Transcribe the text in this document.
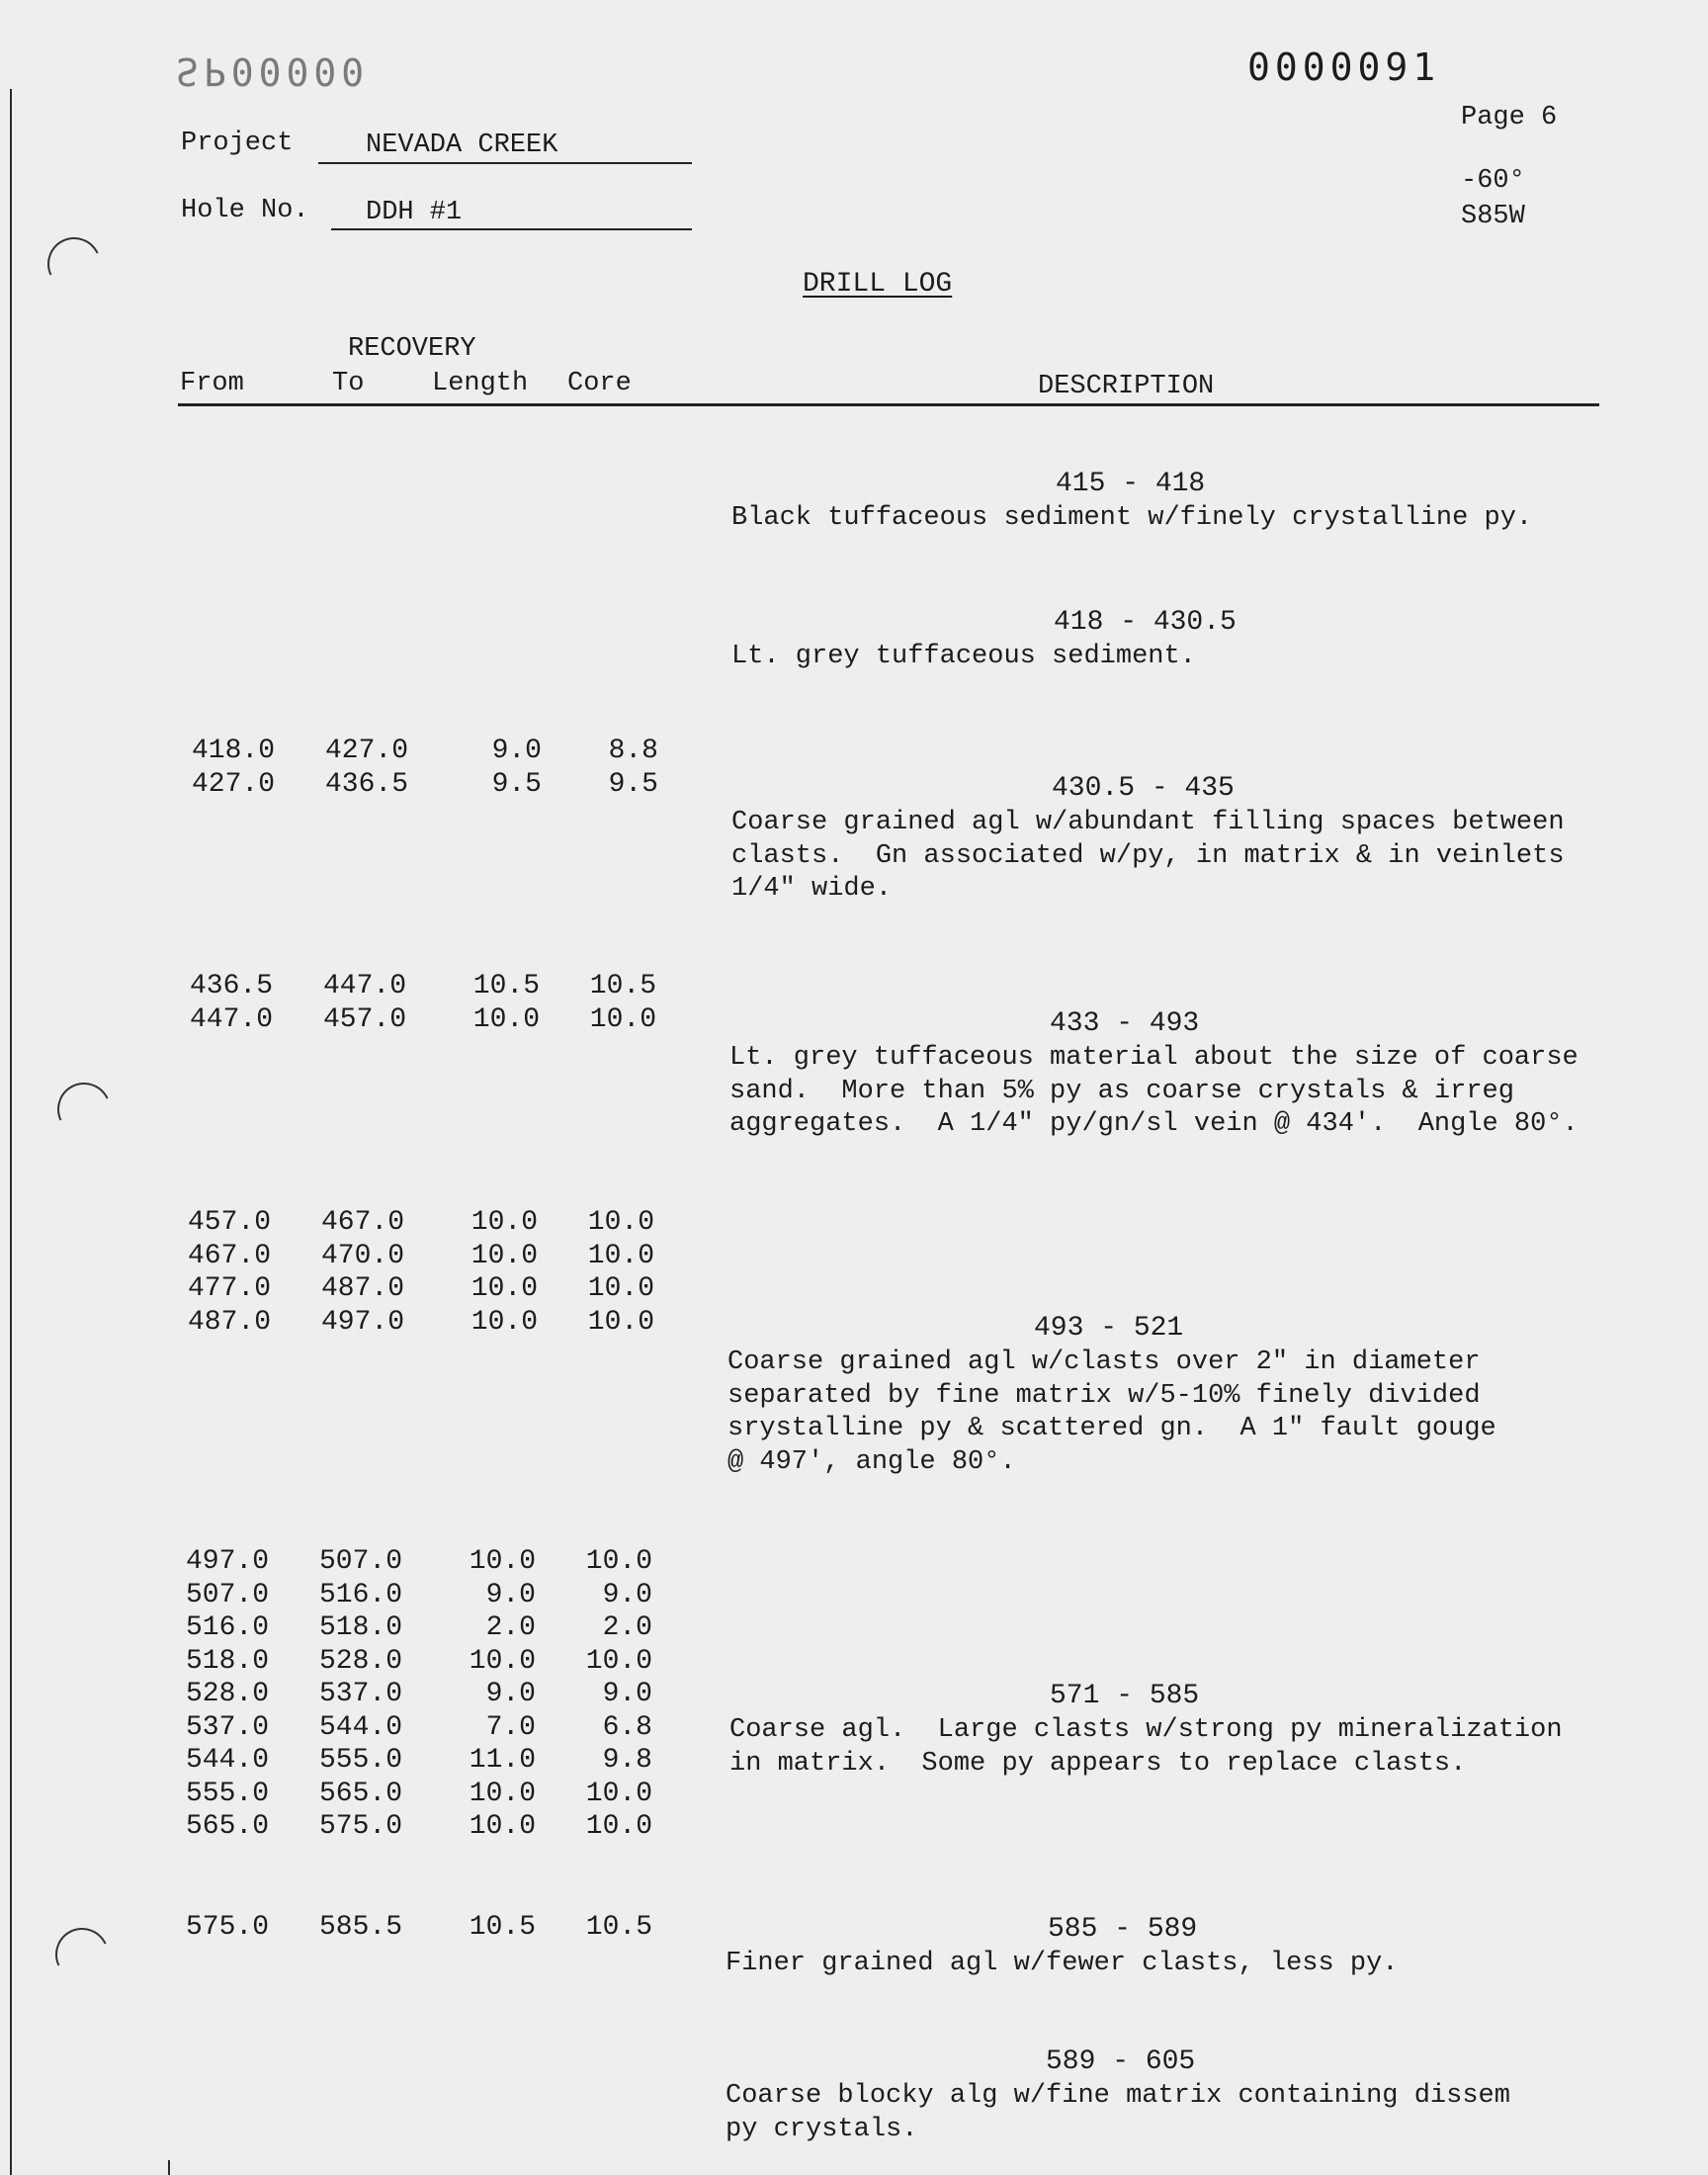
SP00000	0000091
Page 6
-60°
S85W
Project	NEVADA CREEK
Hole No. DDH #1
DRILL LOG
RECOVERY
From	To	Length Core	DESCRIPTION
418.0	427.0	9.0	8.8
427.0	436.5	9.5	9.5
436.5	447.0	10.5	10.5
447.0	457.0	10.0	10.0
457.0	467.0	10.0	10.0
467.0	470.0	10.0	10.0
477.0	487.0	10.0	10.0
487.0	497.0	10.0	10.0
497.0	507.0	10.0	10.0
507.0	516.0	9.0	9.0
516.0	518.0	2.0	2.0
518.0	528.0	10.0	10.0
528.0	537.0	9.0	9.0
537.0	544.0	7.0	6.8
544.0	555.0	11.0	9.8
555.0	565.0	10.0	10.0
565.0	575.0	10.0	10.0
575.0	585.5	10.5	10.5
415 - 418
Black tuffaceous sediment w/finely crystalline py.
418 - 430.5
Lt. grey tuffaceous sediment.
430.5 - 435
Coarse grained agl w/abundant filling spaces between
clasts.  Gn associated w/py, in matrix & in veinlets
1/4" wide.
433 - 493
Lt. grey tuffaceous material about the size of coarse
sand.  More than 5% py as coarse crystals & irreg
aggregates.  A 1/4" py/gn/sl vein @ 434'.  Angle 80°.
493 - 521
Coarse grained agl w/clasts over 2" in diameter
separated by fine matrix w/5-10% finely divided
srystalline py & scattered gn.  A 1" fault gouge
@ 497', angle 80°.
571 - 585
Coarse agl.  Large clasts w/strong py mineralization
in matrix.  Some py appears to replace clasts.
585 - 589
Finer grained agl w/fewer clasts, less py.
589 - 605
Coarse blocky alg w/fine matrix containing dissem
py crystals.
